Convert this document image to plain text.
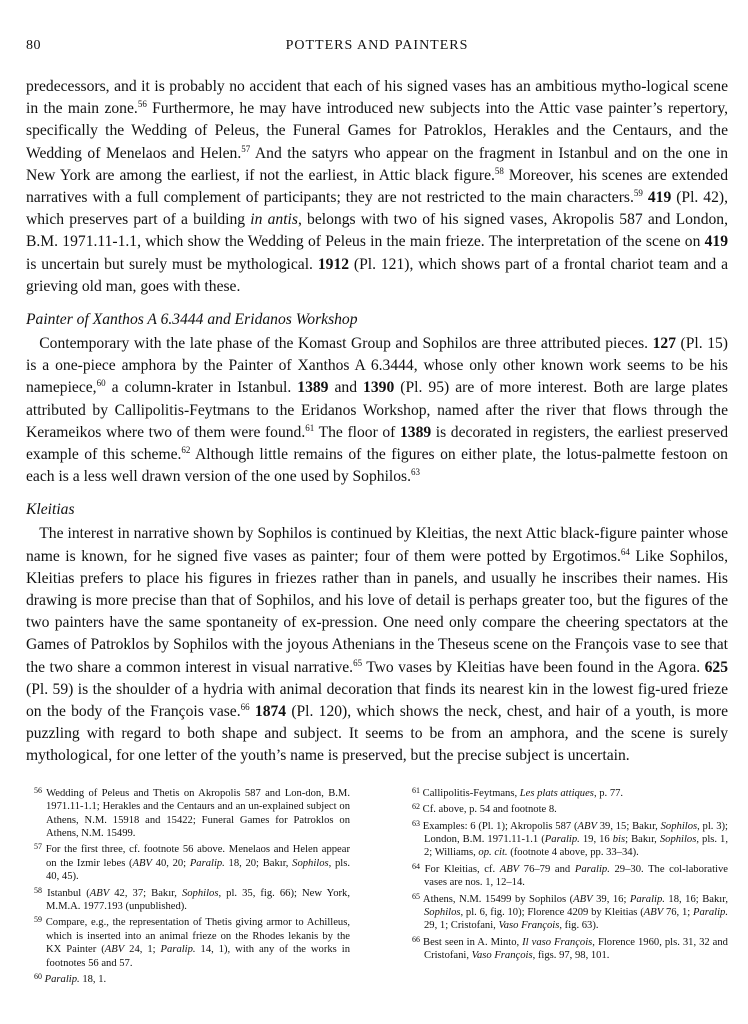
80	POTTERS AND PAINTERS

predecessors, and it is probably no accident that each of his signed vases has an ambitious mytho-logical scene in the main zone.$^{56}$ Furthermore, he may have introduced new subjects into the Attic vase painter’s repertory, specifically the Wedding of Peleus, the Funeral Games for Patroklos, Herakles and the Centaurs, and the Wedding of Menelaos and Helen.$^{57}$ And the satyrs who appear on the fragment in Istanbul and on the one in New York are among the earliest, if not the earliest, in Attic black figure.$^{58}$ Moreover, his scenes are extended narratives with a full complement of participants; they are not restricted to the main characters.$^{59}$ 419 (Pl. 42), which preserves part of a building in antis, belongs with two of his signed vases, Akropolis 587 and London, B.M. 1971.11-1.1, which show the Wedding of Peleus in the main frieze. The interpretation of the scene on 419 is uncertain but surely must be mythological. 1912 (Pl. 121), which shows part of a frontal chariot team and a grieving old man, goes with these.

Painter of Xanthos A 6.3444 and Eridanos Workshop

Contemporary with the late phase of the Komast Group and Sophilos are three attributed pieces. 127 (Pl. 15) is a one-piece amphora by the Painter of Xanthos A 6.3444, whose only other known work seems to be his namepiece,$^{60}$ a column-krater in Istanbul. 1389 and 1390 (Pl. 95) are of more interest. Both are large plates attributed by Callipolitis-Feytmans to the Eridanos Workshop, named after the river that flows through the Kerameikos where two of them were found.$^{61}$ The floor of 1389 is decorated in registers, the earliest preserved example of this scheme.$^{62}$ Although little remains of the figures on either plate, the lotus-palmette festoon on each is a less well drawn version of the one used by Sophilos.$^{63}$

Kleitias

The interest in narrative shown by Sophilos is continued by Kleitias, the next Attic black-figure painter whose name is known, for he signed five vases as painter; four of them were potted by Ergotimos.$^{64}$ Like Sophilos, Kleitias prefers to place his figures in friezes rather than in panels, and usually he inscribes their names. His drawing is more precise than that of Sophilos, and his love of detail is perhaps greater too, but the figures of the two painters have the same spontaneity of ex-pression. One need only compare the cheering spectators at the Games of Patroklos by Sophilos with the joyous Athenians in the Theseus scene on the François vase to see that the two share a common interest in visual narrative.$^{65}$ Two vases by Kleitias have been found in the Agora. 625 (Pl. 59) is the shoulder of a hydria with animal decoration that finds its nearest kin in the lowest fig-ured frieze on the body of the François vase.$^{66}$ 1874 (Pl. 120), which shows the neck, chest, and hair of a youth, is more puzzling with regard to both shape and subject. It seems to be from an amphora, and the scene is surely mythological, for one letter of the youth’s name is preserved, but the precise subject is uncertain.

$^{56}$ Wedding of Peleus and Thetis on Akropolis 587 and Lon-don, B.M. 1971.11-1.1; Herakles and the Centaurs and an un-explained subject on Athens, N.M. 15918 and 15422; Funeral Games for Patroklos on Athens, N.M. 15499.

$^{57}$ For the first three, cf. footnote 56 above. Menelaos and Helen appear on the Izmir lebes (ABV 40, 20; Paralip. 18, 20; Bakır, Sophilos, pls. 40, 45).

$^{58}$ Istanbul (ABV 42, 37; Bakır, Sophilos, pl. 35, fig. 66); New York, M.M.A. 1977.193 (unpublished).

$^{59}$ Compare, e.g., the representation of Thetis giving armor to Achilleus, which is inserted into an animal frieze on the Rhodes lekanis by the KX Painter (ABV 24, 1; Paralip. 14, 1), with any of the works in footnotes 56 and 57.

$^{60}$ Paralip. 18, 1.

$^{61}$ Callipolitis-Feytmans, Les plats attiques, p. 77.

$^{62}$ Cf. above, p. 54 and footnote 8.

$^{63}$ Examples: 6 (Pl. 1); Akropolis 587 (ABV 39, 15; Bakır, Sophilos, pl. 3); London, B.M. 1971.11-1.1 (Paralip. 19, 16 bis; Bakır, Sophilos, pls. 1, 2; Williams, op. cit. (footnote 4 above, pp. 33–34).

$^{64}$ For Kleitias, cf. ABV 76–79 and Paralip. 29–30. The col-laborative vases are nos. 1, 12–14.

$^{65}$ Athens, N.M. 15499 by Sophilos (ABV 39, 16; Paralip. 18, 16; Bakır, Sophilos, pl. 6, fig. 10); Florence 4209 by Kleitias (ABV 76, 1; Paralip. 29, 1; Cristofani, Vaso François, fig. 63).

$^{66}$ Best seen in A. Minto, Il vaso François, Florence 1960, pls. 31, 32 and Cristofani, Vaso François, figs. 97, 98, 101.
